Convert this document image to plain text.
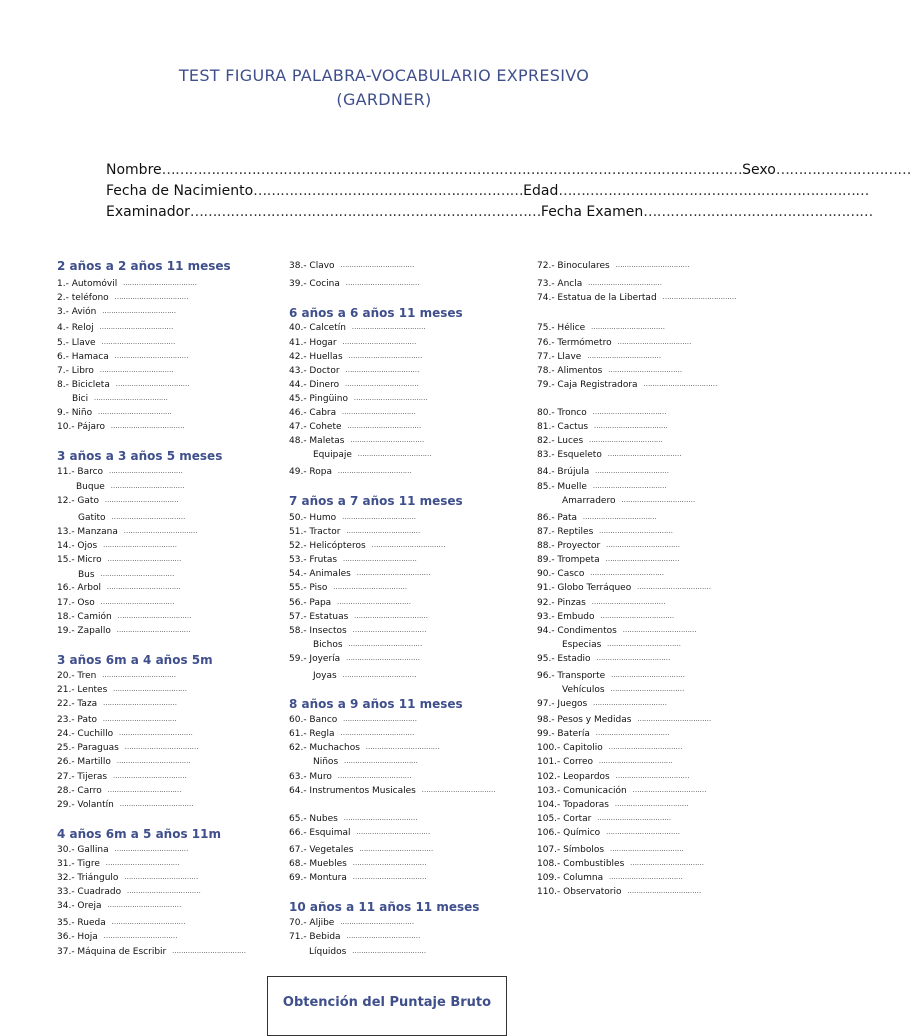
TEST FIGURA PALABRA-VOCABULARIO EXPRESIVO
(GARDNER)
Nombre…………………………………………………………………………………………………………………Sexo…………………………
Fecha de Nacimiento……………………………………………………Edad……………………………………………………………
Examinador……………………………………………………………………Fecha Examen……………………………………………
2 años a 2 años 11 meses
1.- Automóvil   ……………………………
2.- teléfono   ……………………………
3.- Avión   ……………………………
4.- Reloj   ……………………………
5.- Llave   ……………………………
6.- Hamaca   ……………………………
7.- Libro   ……………………………
8.- Bicicleta   ……………………………
Bici   ……………………………
9.- Niño   ……………………………
10.- Pájaro   ……………………………
3 años a 3 años 5 meses
11.- Barco   ……………………………
Buque   ……………………………
12.- Gato   ……………………………
Gatito   ……………………………
13.- Manzana   ……………………………
14.- Ojos   ……………………………
15.- Micro   ……………………………
Bus   ……………………………
16.- Arbol   ……………………………
17.- Oso   ……………………………
18.- Camión   ……………………………
19.- Zapallo   ……………………………
3 años 6m a 4 años 5m
20.- Tren   ……………………………
21.- Lentes   ……………………………
22.- Taza   ……………………………
23.- Pato   ……………………………
24.- Cuchillo   ……………………………
25.- Paraguas   ……………………………
26.- Martillo   ……………………………
27.- Tijeras   ……………………………
28.- Carro   ……………………………
29.- Volantín   ……………………………
4 años 6m a 5 años 11m
30.- Gallina   ……………………………
31.- Tigre   ……………………………
32.- Triángulo   ……………………………
33.- Cuadrado   ……………………………
34.- Oreja   ……………………………
35.- Rueda   ……………………………
36.- Hoja   ……………………………
37.- Máquina de Escribir   ……………………………
38.- Clavo   ……………………………
39.- Cocina   ……………………………
6 años a 6 años 11 meses
40.- Calcetín   ……………………………
41.- Hogar   ……………………………
42.- Huellas   ……………………………
43.- Doctor   ……………………………
44.- Dinero   ……………………………
45.- Pingüino   ……………………………
46.- Cabra   ……………………………
47.- Cohete   ……………………………
48.- Maletas   ……………………………
Equipaje   ……………………………
49.- Ropa   ……………………………
7 años a 7 años 11 meses
50.- Humo   ……………………………
51.- Tractor   ……………………………
52.- Helicópteros   ……………………………
53.- Frutas   ……………………………
54.- Animales   ……………………………
55.- Piso   ……………………………
56.- Papa   ……………………………
57.- Estatuas   ……………………………
58.- Insectos   ……………………………
Bichos   ……………………………
59.- Joyería   ……………………………
Joyas   ……………………………
8 años a 9 años 11 meses
60.- Banco   ……………………………
61.- Regla   ……………………………
62.- Muchachos   ……………………………
Niños   ……………………………
63.- Muro   ……………………………
64.- Instrumentos Musicales   ……………………………
65.- Nubes   ……………………………
66.- Esquimal   ……………………………
67.- Vegetales   ……………………………
68.- Muebles   ……………………………
69.- Montura   ……………………………
10 años a 11 años 11 meses
70.- Aljibe   ……………………………
71.- Bebida   ……………………………
Líquidos   ……………………………
72.- Binoculares   ……………………………
73.- Ancla   ……………………………
74.- Estatua de la Libertad   ……………………………
75.- Hélice   ……………………………
76.- Termómetro   ……………………………
77.- Llave   ……………………………
78.- Alimentos   ……………………………
79.- Caja Registradora   ……………………………
80.- Tronco   ……………………………
81.- Cactus   ……………………………
82.- Luces   ……………………………
83.- Esqueleto   ……………………………
84.- Brújula   ……………………………
85.- Muelle   ……………………………
Amarradero   ……………………………
86.- Pata   ……………………………
87.- Reptiles   ……………………………
88.- Proyector   ……………………………
89.- Trompeta   ……………………………
90.- Casco   ……………………………
91.- Globo Terráqueo   ……………………………
92.- Pinzas   ……………………………
93.- Embudo   ……………………………
94.- Condimentos   ……………………………
Especias   ……………………………
95.- Estadio   ……………………………
96.- Transporte   ……………………………
Vehículos   ……………………………
97.- Juegos   ……………………………
98.- Pesos y Medidas   ……………………………
99.- Batería   ……………………………
100.- Capitolio   ……………………………
101.- Correo   ……………………………
102.- Leopardos   ……………………………
103.- Comunicación   ……………………………
104.- Topadoras   ……………………………
105.- Cortar   ……………………………
106.- Químico   ……………………………
107.- Símbolos   ……………………………
108.- Combustibles   ……………………………
109.- Columna   ……………………………
110.- Observatorio   ……………………………
Obtención del Puntaje Bruto
